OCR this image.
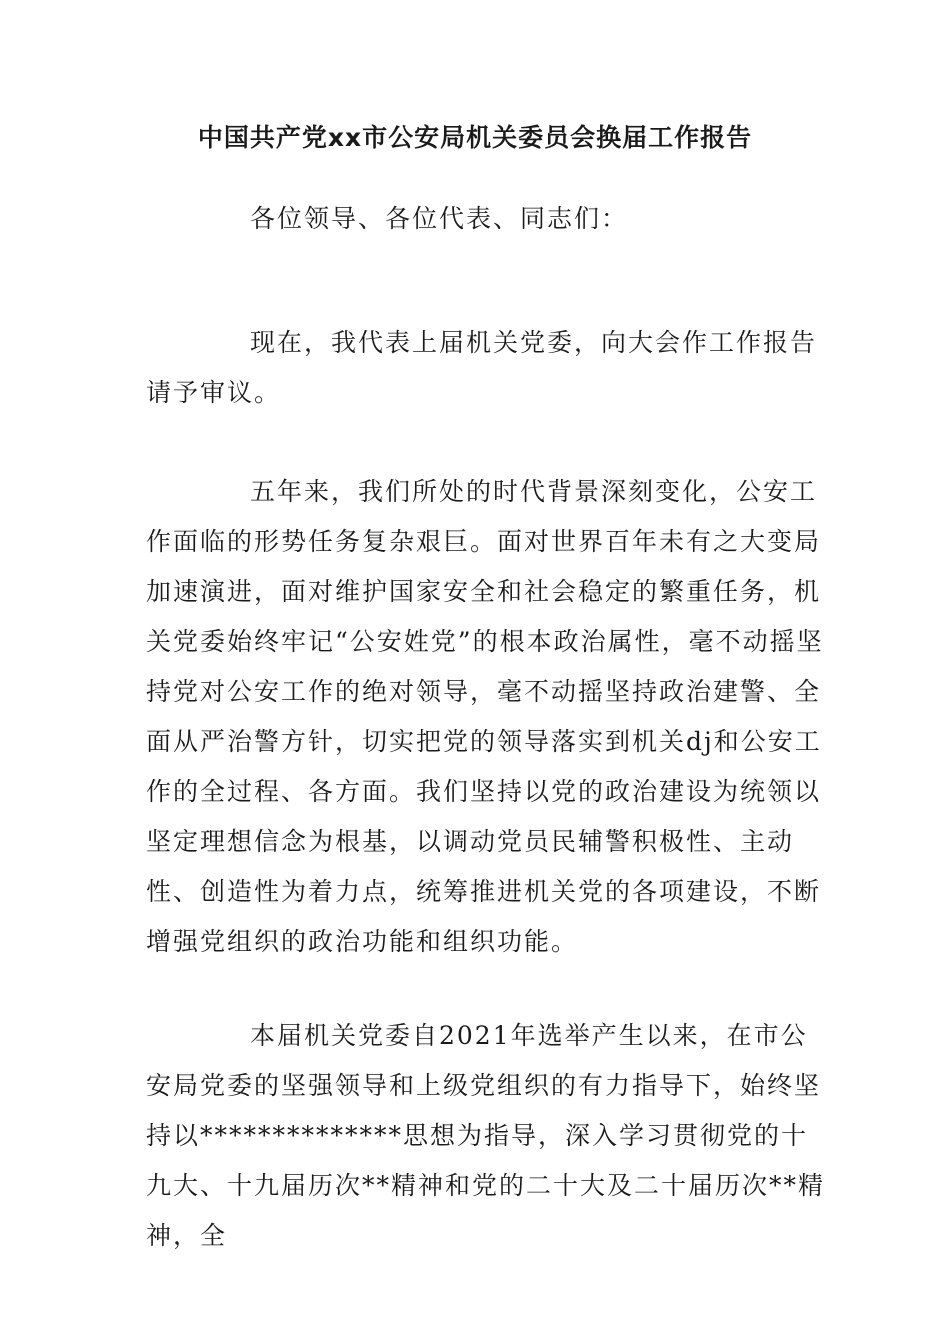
中国共产党xx市公安局机关委员会换届工作报告

各位领导、各位代表、同志们：

现在，我代表上届机关党委，向大会作工作报告请予审议。

五年来，我们所处的时代背景深刻变化，公安工作面临的形势任务复杂艰巨。面对世界百年未有之大变局加速演进，面对维护国家安全和社会稳定的繁重任务，机关党委始终牢记“公安姓党”的根本政治属性，毫不动摇坚持党对公安工作的绝对领导，毫不动摇坚持政治建警、全面从严治警方针，切实把党的领导落实到机关dj和公安工作的全过程、各方面。我们坚持以党的政治建设为统领以坚定理想信念为根基，以调动党员民辅警积极性、主动性、创造性为着力点，统筹推进机关党的各项建设，不断增强党组织的政治功能和组织功能。

本届机关党委自2021年选举产生以来，在市公安局党委的坚强领导和上级党组织的有力指导下，始终坚持以**************思想为指导，深入学习贯彻党的十九大、十九届历次**精神和党的二十大及二十届历次**精神，全
